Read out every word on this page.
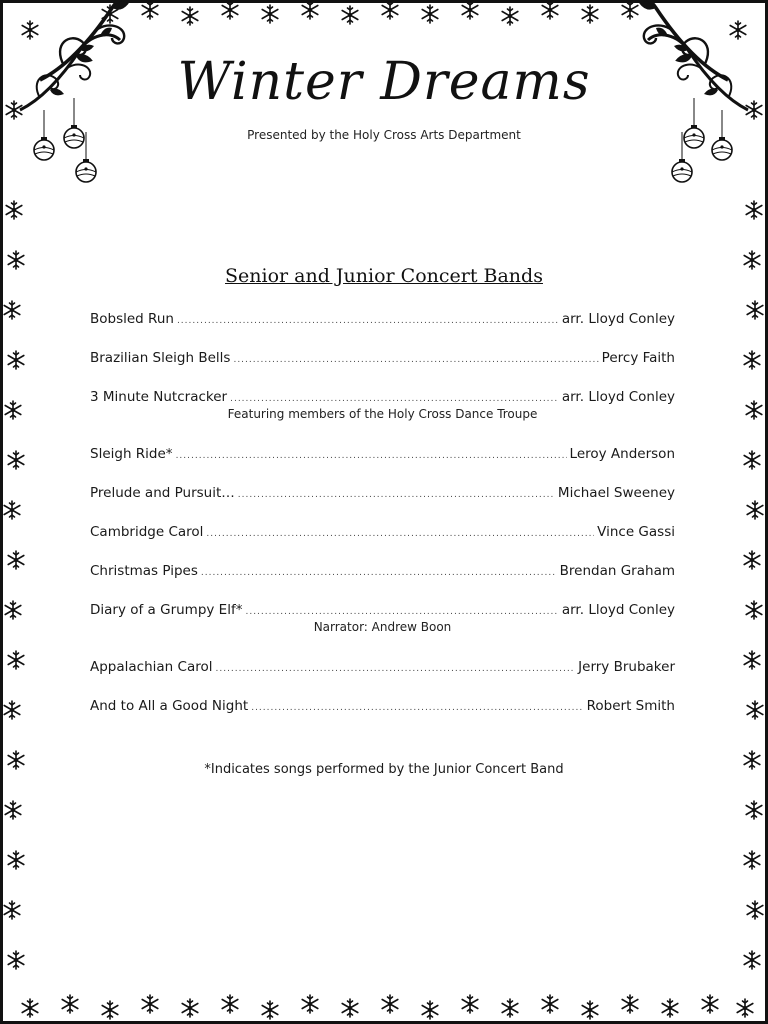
Winter Dreams
Presented by the Holy Cross Arts Department
Senior and Junior Concert Bands
Bobsled Run .....	arr. Lloyd Conley
Brazilian Sleigh Bells .....	Percy Faith
3 Minute Nutcracker .....	arr. Lloyd Conley
Featuring members of the Holy Cross Dance Troupe
Sleigh Ride* .....	Leroy Anderson
Prelude and Pursuit… .....	Michael Sweeney
Cambridge Carol .....	Vince Gassi
Christmas Pipes .....	Brendan Graham
Diary of a Grumpy Elf* .....	arr. Lloyd Conley
Narrator: Andrew Boon
Appalachian Carol .....	Jerry Brubaker
And to All a Good Night .....	Robert Smith
*Indicates songs performed by the Junior Concert Band
